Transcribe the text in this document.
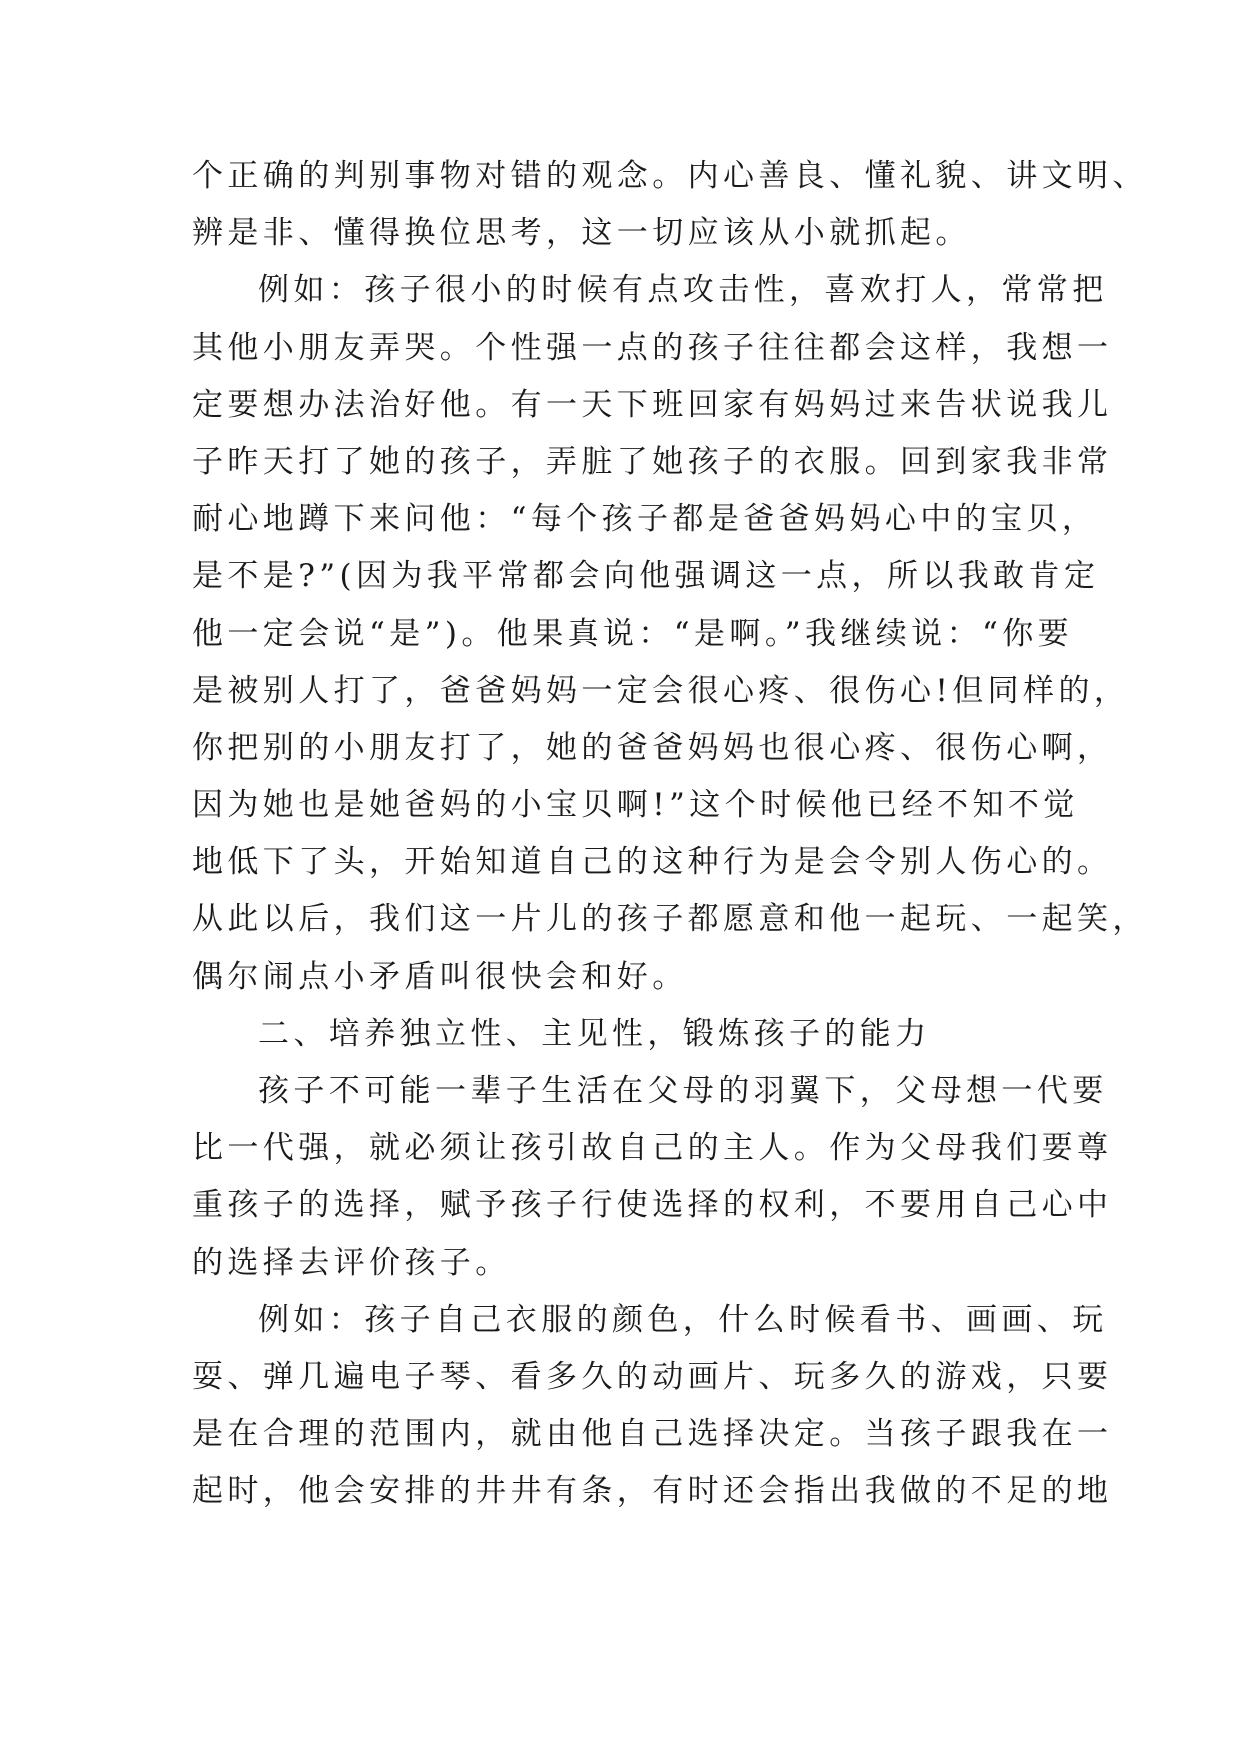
个正确的判别事物对错的观念。内心善良、懂礼貌、讲文明、
辨是非、懂得换位思考，这一切应该从小就抓起。
例如：孩子很小的时候有点攻击性，喜欢打人，常常把
其他小朋友弄哭。个性强一点的孩子往往都会这样，我想一
定要想办法治好他。有一天下班回家有妈妈过来告状说我儿
子昨天打了她的孩子，弄脏了她孩子的衣服。回到家我非常
耐心地蹲下来问他：“每个孩子都是爸爸妈妈心中的宝贝，
是不是?”(因为我平常都会向他强调这一点，所以我敢肯定
他一定会说“是”)。他果真说：“是啊。”我继续说：“你要
是被别人打了，爸爸妈妈一定会很心疼、很伤心!但同样的，
你把别的小朋友打了，她的爸爸妈妈也很心疼、很伤心啊，
因为她也是她爸妈的小宝贝啊!”这个时候他已经不知不觉
地低下了头，开始知道自己的这种行为是会令别人伤心的。
从此以后，我们这一片儿的孩子都愿意和他一起玩、一起笑，
偶尔闹点小矛盾叫很快会和好。
二、培养独立性、主见性，锻炼孩子的能力
孩子不可能一辈子生活在父母的羽翼下，父母想一代要
比一代强，就必须让孩引故自己的主人。作为父母我们要尊
重孩子的选择，赋予孩子行使选择的权利，不要用自己心中
的选择去评价孩子。
例如：孩子自己衣服的颜色，什么时候看书、画画、玩
耍、弹几遍电子琴、看多久的动画片、玩多久的游戏，只要
是在合理的范围内，就由他自己选择决定。当孩子跟我在一
起时，他会安排的井井有条，有时还会指出我做的不足的地
